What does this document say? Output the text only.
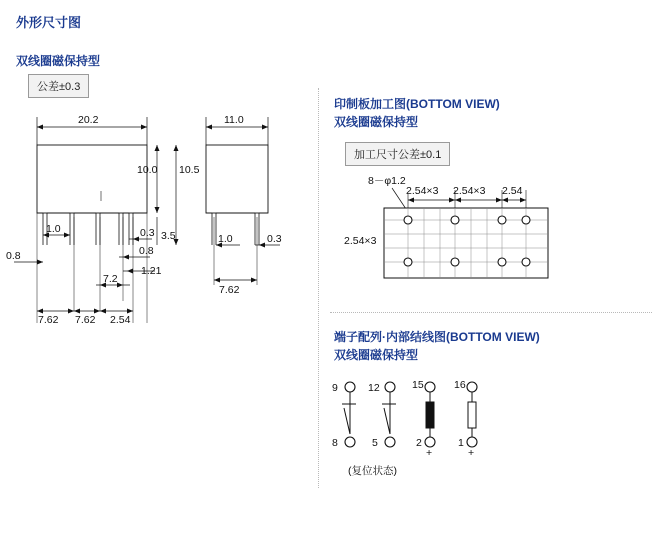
外形尺寸图
双线圈磁保持型
公差±0.3
20.2
10.0 10.5
3.5
1.0	0.3
0.8	0.8
1.21
7.2
7.62 7.62 2.54
11.0
1.0	0.3
7.62
印制板加工图(BOTTOM VIEW)
双线圈磁保持型
加工尺寸公差±0.1
8－φ1.2
2.54×3 2.54×3 2.54
2.54×3
端子配列·内部结线图(BOTTOM VIEW)
双线圈磁保持型
9	12	15	16
8	5	2	1
+	+
(复位状态)
